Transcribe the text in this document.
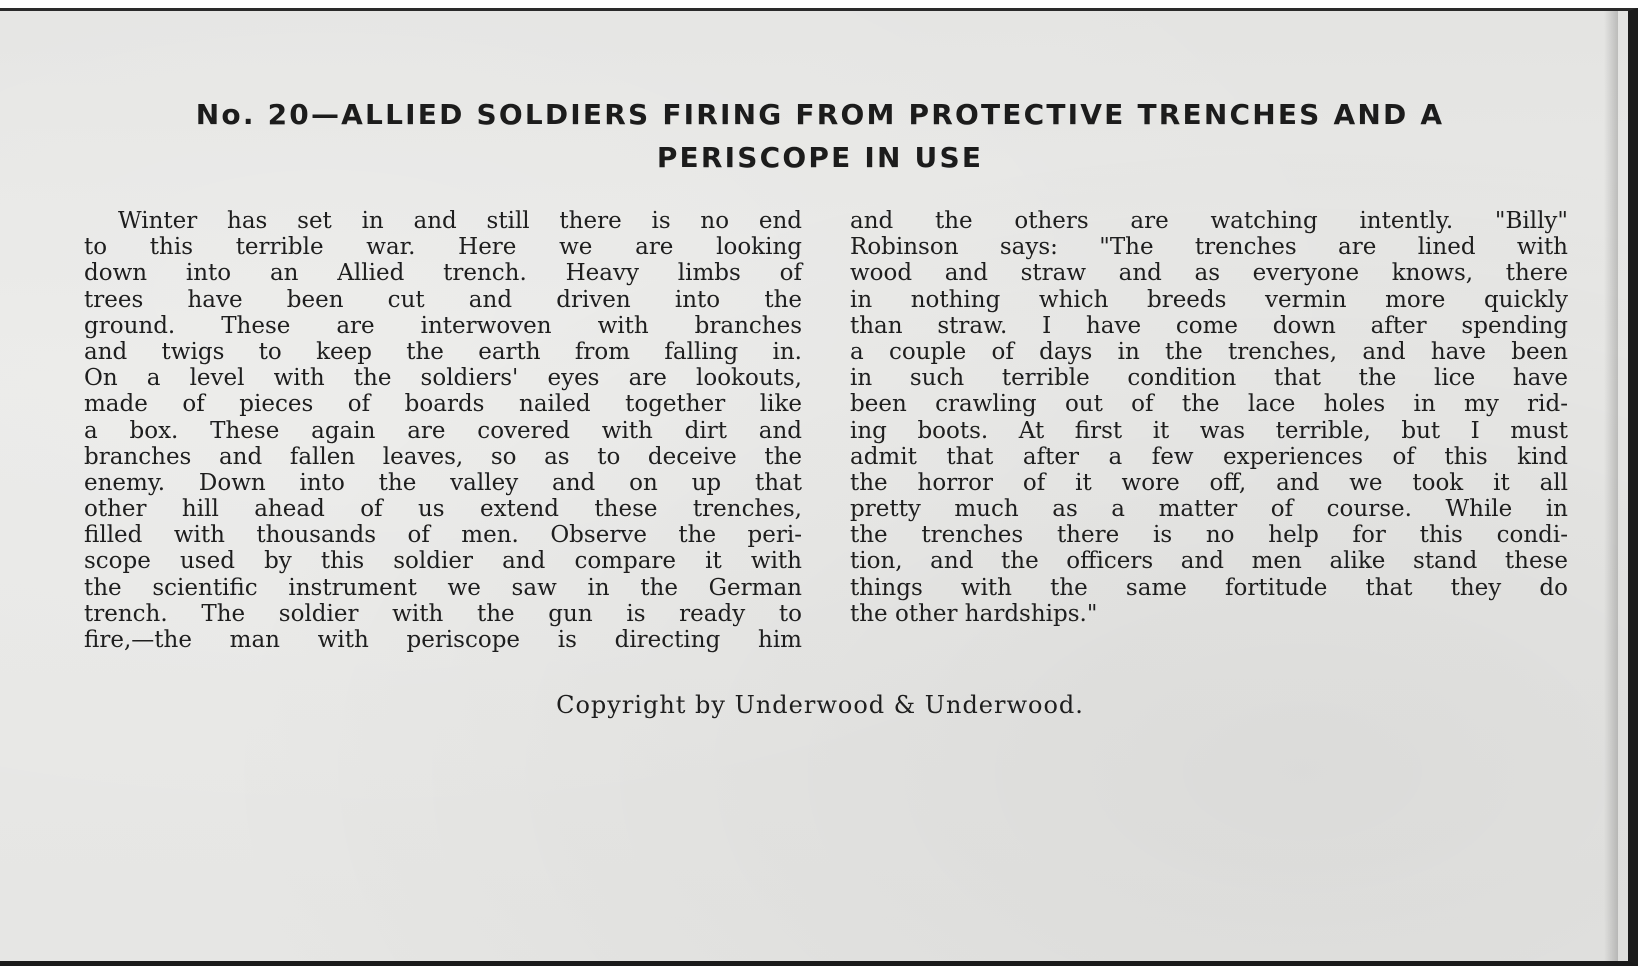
No. 20—ALLIED SOLDIERS FIRING FROM PROTECTIVE TRENCHES AND A
PERISCOPE IN USE
Winter has set in and still there is no end
to this terrible war. Here we are looking
down into an Allied trench. Heavy limbs of
trees have been cut and driven into the
ground. These are interwoven with branches
and twigs to keep the earth from falling in.
On a level with the soldiers' eyes are lookouts,
made of pieces of boards nailed together like
a box. These again are covered with dirt and
branches and fallen leaves, so as to deceive the
enemy. Down into the valley and on up that
other hill ahead of us extend these trenches,
filled with thousands of men. Observe the peri-
scope used by this soldier and compare it with
the scientific instrument we saw in the German
trench. The soldier with the gun is ready to
fire,—the man with periscope is directing him
and the others are watching intently. "Billy"
Robinson says: "The trenches are lined with
wood and straw and as everyone knows, there
in nothing which breeds vermin more quickly
than straw. I have come down after spending
a couple of days in the trenches, and have been
in such terrible condition that the lice have
been crawling out of the lace holes in my rid-
ing boots. At first it was terrible, but I must
admit that after a few experiences of this kind
the horror of it wore off, and we took it all
pretty much as a matter of course. While in
the trenches there is no help for this condi-
tion, and the officers and men alike stand these
things with the same fortitude that they do
the other hardships."
Copyright by Underwood & Underwood.
